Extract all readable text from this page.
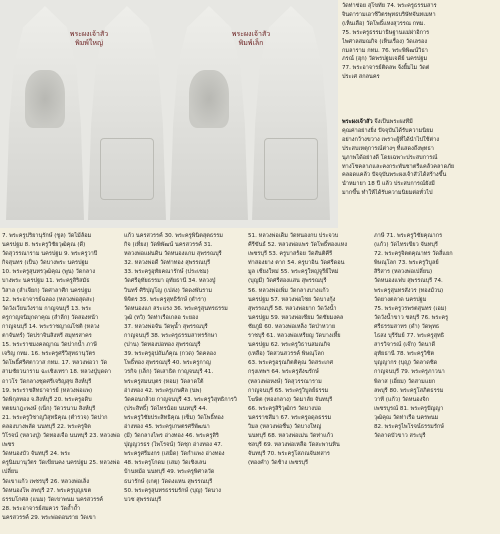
พระผงเจ้าสัว
พิมพ์ใหญ่
พระผงเจ้าสัว
พิมพ์เล็ก
วัดท่าช่อย สุโขทัย 74. พระครูธรรมสาร
จินดารามเอาชีวิตรพุทธบริษัทจันทเมหา
(เห็นเลือ) วัดโพธิ์แหงสุวรรณ กทม.
75. พระครูธรรมาธิษฐานแม่ผ่าอิการ
ไพศาลสมณกิจ (เห็นเรื่อง) วัดเลรอง
กมลาราม กทม. 76. พระพิพิฒน์วิธา
ภรณ์ (ฮุก) วัดพรปฐมเจดีย์ นครปฐม
77. พระอาจารย์ติดลพ จ้งยิ้มไม วัดต่
ประเศ สกลนคร
พระผงเจ้าสัว จึงเป็นพระผงที่มี
คุณค่าอย่างยิ่ง ปัจจุบันได้รับความนิยม
อย่างกว้างขวาง เพราะผู้ที่ได้นำไปใช้ต่าง
ประสบเหตุการณ์ต่างๆ ที่แสดงถึงพุทธา
นุภาพได้อย่างดี โดยเฉพาะประสบการณ์
ทางโชคลาภและคงกระพันชาตรีแคล้วคลาดภัย
คลอดแคล้ว ปัจจุบันพระผงเจ้าสัวได้สร้างขึ้น
นำหมายา 18 ปี แล้ว ประสบการณ์ยังมี
มากขึ้น ทำให้ได้รับความนิยมต่อทั่วไป
7. พระครูปริยานุรักษ์ (ชูล) วัดไม้ล้อม
นครปฐม 8. พระครูวิชัยวุฒิคุณ (ดี)
วัดสุวรรณาราม นครปฐม 9. พระครูวาปี
กิจสุนทร (เป็น) วัดบางพระ นครปฐม
10. พระครูสุนทรวุฒิคุณ (พูน) วัดกลาง
บางพระ นครปฐม 11. พระครูสิริสมัธ
วิสาล (ลำเจียก) วัดศาลาศีก นครปฐม
12. พระอาจารย์ฉลอง (หลวงพ่อสุดสะ)
วัดวังเวียนวังราม กาญจนบุรี 13. พระ
ครูกาญจนิมุกดาคุณ (สำลีก) วัดสองหน้า
กาญจนบุรี 14. พระราชญาณโชติ (หลวง
ตาจันทร์) วัดปราจินสิงหรี สมุทรสาคร
15. พระราชมงคลญาณ วัดปากน้ำ ภาษี
เจริญ กทม. 16. พระครูศรีวิสุทธานุวัตร
วัดโพธิ์ศรีศตาวาส กทม. 17. หลวงพ่อวา วัด
สามชัยวนาราม ฉะเชิงเทรา 18. หลวงปู่บุดดา
ถาวโร วัดกลางชุดศรีเจริญสุข สิงห์บุรี
19. พระราชสิทธาจารย์ (หลวงพ่อแพ)
วัดพิกุลทอง จ.สิงห์บุรี 20. พระครูอดิบ
ทตยนาฎะพงษ์ (เน็ก) วัดวรนาม สิงห์บุรี
21. พระครูวิชาญวิสุทธิคุณ (ตำรวจ) วัดปาก
คลองบางพลัด นนทบุรี 22. พระครูจิต
วิโรจน์ (หลวงปู่) วัดทองเจือ นนทบุรี 23. หลวงพ่อเพชร
วัดหนองบัว จันทบุรี 24. พระ
ครูนิมมานุวัตร วัดเขียนคง นครปฐม 25. หลวงพ่อเปลี่ยน
วัดเขาแก้ว เพชรบุรี 26. หลวงพ่อเล็ง
วัดหนองโพ ลพบุรี 27. พระครูบุญเขต
ธรรมโกศล (แนม) วัดเขาพนม นครสวรรค์
28. พระอาจารย์สมควร วัดถ้ำถ้ำ
นครสวรรค์ 29. พระพ่อดอนราย วัดเขา
แก้ว นครสวรรค์ 30. พระครูพินิตสุตธรรม
กิจ (เที่ยง) วัดพิพัฒน์ นครสวรรค์ 31.
หลวงพ่อแผ่นดิน วัดหนองแกม สุพรรณบุรี
32. หลวงพ่อดี วัดท่าทอง สุพรรณบุรี
33. พระครูอุทัยคณารักษ์ (ประเชม)
วัดศรีอุทัยธรรมา อุทัยธานี 34. หลวงปู่
วินทร์ ศิริปุญโญ (เปล่ง) วัดดงพันราม
พิจิตร 35. พระครูสุทธิรักษ์ (ตำรา)
วัดหนองแก สระแรง 36. พระครูสุนทรธรรม
วุฒิ (ทวิ) วัดท่าเรือเกลอ ระยอง
37. หลวงพ่อจัน วัดพุน้ำ สุพรรณบุรี
กาญจนบุรี 38. พระครูธรรมสาทรรักษา
(ปาน) วัดทองบ่อทอง สุพรรณบุรี
39. พระครูอุปถัมภ์คุณ (กวด) วัดคลอง
โพธิ์ทอง สุพรรณบุรี 40. พระครูกาญ
วรกิจ (เล็ก) วัดเสาธิต กาญจนบุรี 41.
พระครูสมนบุตร (หอม) วัดลาดใต้
อ่างทอง 42. พระครูเกษศิล (นพ)
วัดคอนกล้วย กาญจนบุรี 43. พระครูวิสุทธิการวิ
(ประสิทธิ์) วัดไทรน้อย นนทบุรี 44.
พระครูวิชัยประสิทธิคุณ (เซ็ม) วัดโพธิ์ทอง
อ่างทอง 45. พระครูเกษตรศรีพัฒนา
(มี) วัดกลางไพร อ่างทอง 46. พระครูสิริ
ปุญญวรธร (ไพโรจน์) วัดชุก อ่างทอง 47.
พระครูศรีมงกร (เสม็ด) วัดกำแพง อ่างทอง
48. พระครูโกดม (เสม) วัดเชิงเลน
บ้านหม้อ นนทบุรี 49. พระครูพิศาลวัด
ธนารักษ์ (เกตุ) วัดดงแหน สุพรรณบุรี
50. พระครูสุนทรธรรมรักษ์ (บุญ) วัดนาง
บวช สุพรรณบุรี
51. หลวงพ่อเด็ม วัดหนองกบ ประจวบ
คีรีขันธ์ 52. หลวงพ่อแพร วัดโพธิ์ทองแหง
เพชรบุรี 53. ครูบาสร้อย วัดสันติคีรี
ท่าสองยาง ตาก 54. ครูบาอิน วัดศรีดอน
มูล เชียงใหม่ 55. พระครูใหญ่จูรีย์ใหม่
(บุญมี) วัดศรีสองแสน สุพรรณบุรี
56. หลวงพ่อเพิ่ม วัดกลางบางแก้ว
นครปฐม 57. หลวงพ่อไชย วัดบางกุ้ง
สุพรรณบุรี 58. หลวงพ่อยาก วัดวังน้ำ
นครปฐม 59. หลวงพ่อเซียม วัดชัยมงคล
ชัยภูมิ 60. หลวงพ่อเหล็ง วัดป่าหวาย
ราชบุรี 61. หลวงพ่อเหรียญ วัดบางเหี้ย
นครปฐม 62. พระครูวิธานสมณกิจ
(เหลือ) วัดสวนสวรรค์ พิษณุโลก
63. พระครูอรุณกิตติคุณ วัดสระเกศ
กรุงเทพฯ 64. พระครูสังฆรักษ์
(หลวงพ่อหงษ์) วัดสุวรรณาราม
กาญจนบุรี 65. พระครูวิบูลย์ธรรม
โฆษิต (ทองกลาง) วัดมาลัย จันทบุรี
66. พระครูสิริวุฒิกร วัดบางบ่อ
นครราชสีมา 67. พระครูอดุลธรรม
วิมล (หลวงพ่อชื่น) วัดบางใหญ่
นนทบุรี 68. หลวงพ่อเม่น วัดท่าแก้ว
ชลบุรี 69. หลวงพ่อเหลือ วัดสะพานหิน
จันทบุรี 70. พระครูโสภณจันทสาร
(ทองคำ) วัดช้าง เพชรบุรี
ภาษี 71. พระครูวิชัยคุณากร
(แก้ว) วัดไทรเขียว จันทบุรี
72. พระครูจิตตคุณาทร วัดสี่แยก
พิษณุโลก 73. พระครูวิบูลย์
สิริสาร (หลวงพ่อเปลี่ยน)
วัดหนองแฟบ สุพรรณบุรี 74.
พระครูสุนทรสังวร (ทองม้วน)
วัดยางตลาด นครปฐม
75. พระครูวรพรตสุนทร (เอม)
วัดวังน้ำขาว ชลบุรี 76. พระครู
ศรีธรรมสาทร (ดำ) วัดพุทธ
ไธสง บุรีรัมย์ 77. พระครูสุทธิ
สารวิจารณ์ (เจ๊ก) วัดนาดี
อุทัยธานี 78. พระครูวิชิต
บุญญากร (บุญ) วัดลาดชิด
กาญจนบุรี 79. พระครูภาวนา
พิลาส (เอี่ยม) วัดสามแยก
ลพบุรี 80. พระครูโสภิตธรรม
วาที (แก้ว) วัดหนองจิก
เพชรบูรณ์ 81. พระครูปัญญา
วุฒิคุณ วัดท่าเรือ นครพนม
82. พระครูไพโรจน์ธรรมรักษ์
วัดลาดบัวขาว สระบุรี
